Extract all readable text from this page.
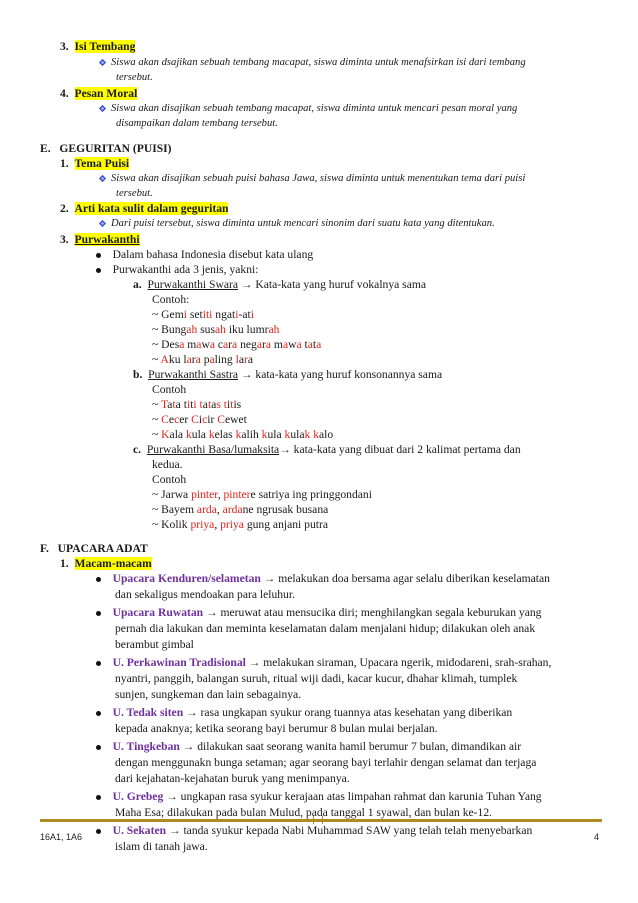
3. Isi Tembang
Siswa akan dsajikan sebuah tembang macapat, siswa diminta untuk menafsirkan isi dari tembang
tersebut.
4. Pesan Moral
Siswa akan disajikan sebuah tembang macapat, siswa diminta untuk mencari pesan moral yang
disampaikan dalam tembang tersebut.
E. GEGURITAN (PUISI)
1. Tema Puisi
Siswa akan disajikan sebuah puisi bahasa Jawa, siswa diminta untuk menentukan tema dari puisi
tersebut.
2. Arti kata sulit dalam geguritan
Dari puisi tersebut, siswa diminta untuk mencari sinonim dari suatu kata yang ditentukan.
3. Purwakanthi
Dalam bahasa Indonesia disebut kata ulang
Purwakanthi ada 3 jenis, yakni:
a. Purwakanthi Swara → Kata-kata yang huruf vokalnya sama
Contoh:
~ Gemi setiti ngati-ati
~ Bungah susah iku lumrah
~ Desa mawa cara negara mawa tata
~ Aku lara paling lara
b. Purwakanthi Sastra → kata-kata yang huruf konsonannya sama
Contoh
~ Tata titi tatas titis
~ Cecer Cicir Cewet
~ Kala kula kelas kalih kula kulak kalo
c. Purwakanthi Basa/lumaksita→ kata-kata yang dibuat dari 2 kalimat pertama dan
kedua.
Contoh
~ Jarwa pinter, pintere satriya ing pringgondani
~ Bayem arda, ardane ngrusak busana
~ Kolik priya, priya gung anjani putra
F. UPACARA ADAT
1. Macam-macam
Upacara Kenduren/selametan → melakukan doa bersama agar selalu diberikan keselamatan
dan sekaligus mendoakan para leluhur.
Upacara Ruwatan → meruwat atau mensucika diri; menghilangkan segala keburukan yang
pernah dia lakukan dan meminta keselamatan dalam menjalani hidup; dilakukan oleh anak
berambut gimbal
U. Perkawinan Tradisional → melakukan siraman, Upacara ngerik, midodareni, srah-srahan,
nyantri, panggih, balangan suruh, ritual wiji dadi, kacar kucur, dhahar klimah, tumplek
sunjen, sungkeman dan lain sebagainya.
U. Tedak siten → rasa ungkapan syukur orang tuannya atas kesehatan yang diberikan
kepada anaknya; ketika seorang bayi berumur 8 bulan mulai berjalan.
U. Tingkeban → dilakukan saat seorang wanita hamil berumur 7 bulan, dimandikan air
dengan menggunakn bunga setaman; agar seorang bayi terlahir dengan selamat dan terjaga
dari kejahatan-kejahatan buruk yang menimpanya.
U. Grebeg → ungkapan rasa syukur kerajaan atas limpahan rahmat dan karunia Tuhan Yang
Maha Esa; dilakukan pada bulan Mulud, pada tanggal 1 syawal, dan bulan ke-12.
U. Sekaten → tanda syukur kepada Nabi Muhammad SAW yang telah telah menyebarkan
islam di tanah jawa.
16A1, 1A6	4
